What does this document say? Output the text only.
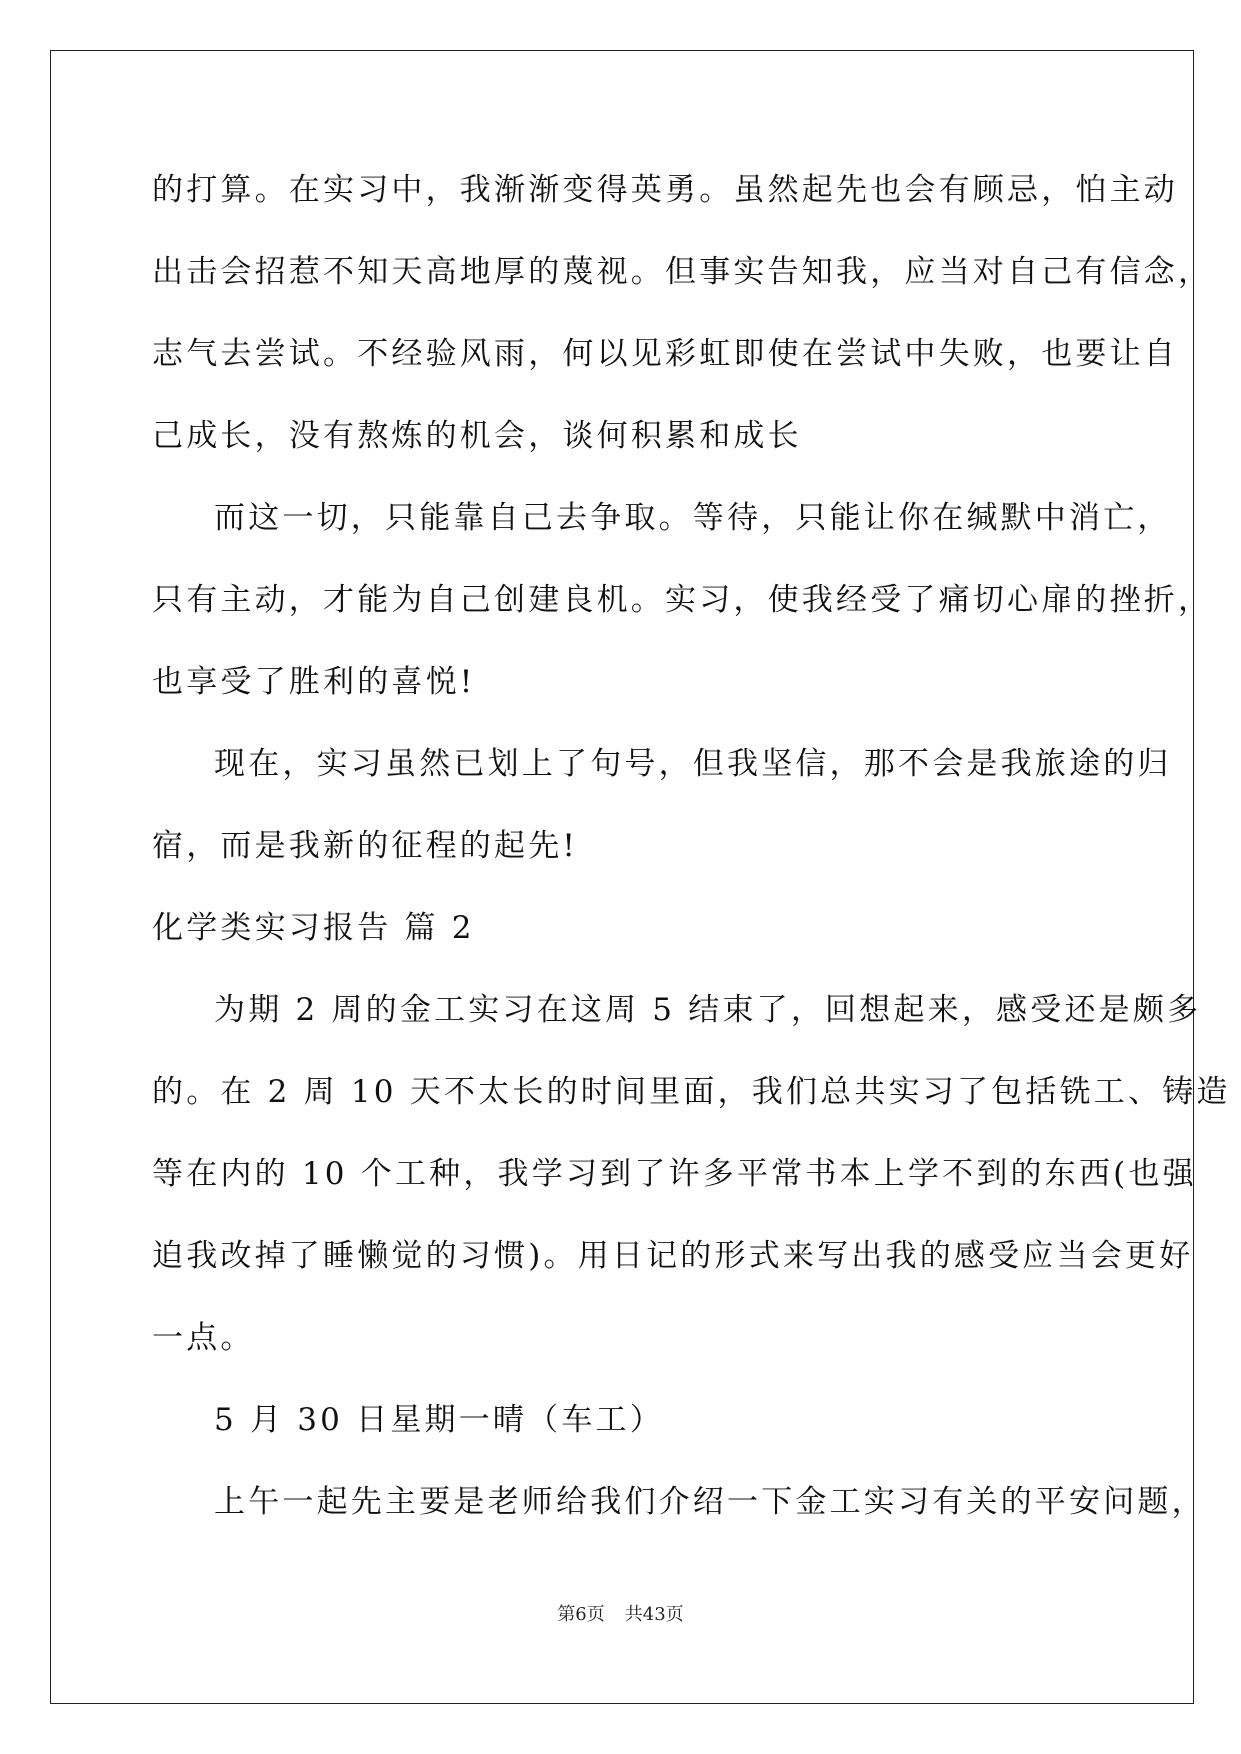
的打算。在实习中，我渐渐变得英勇。虽然起先也会有顾忌，怕主动
出击会招惹不知天高地厚的蔑视。但事实告知我，应当对自己有信念，
志气去尝试。不经验风雨，何以见彩虹即使在尝试中失败，也要让自
己成长，没有熬炼的机会，谈何积累和成长
而这一切，只能靠自己去争取。等待，只能让你在缄默中消亡，
只有主动，才能为自己创建良机。实习，使我经受了痛切心扉的挫折，
也享受了胜利的喜悦!
现在，实习虽然已划上了句号，但我坚信，那不会是我旅途的归
宿，而是我新的征程的起先!
化学类实习报告 篇 2
为期 2 周的金工实习在这周 5 结束了，回想起来，感受还是颇多
的。在 2 周 10 天不太长的时间里面，我们总共实习了包括铣工、铸造
等在内的 10 个工种，我学习到了许多平常书本上学不到的东西(也强
迫我改掉了睡懒觉的习惯)。用日记的形式来写出我的感受应当会更好
一点。
5 月 30 日星期一晴（车工）
上午一起先主要是老师给我们介绍一下金工实习有关的平安问题，
第6页 共43页
